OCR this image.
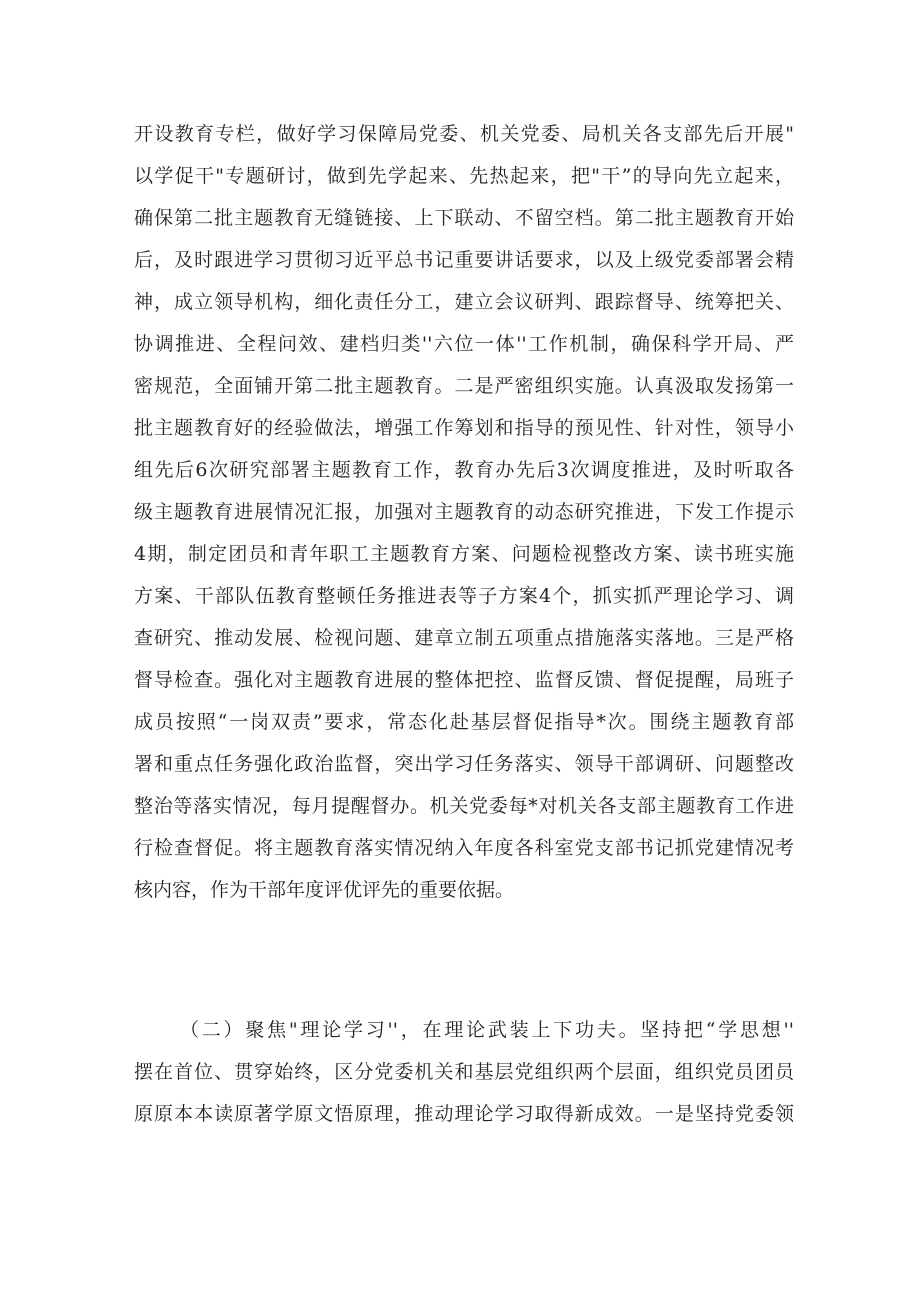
开设教育专栏，做好学习保障局党委、机关党委、局机关各支部先后开展"
以学促干"专题研讨，做到先学起来、先热起来，把"干”的导向先立起来，
确保第二批主题教育无缝链接、上下联动、不留空档。第二批主题教育开始
后，及时跟进学习贯彻习近平总书记重要讲话要求，以及上级党委部署会精
神，成立领导机构，细化责任分工，建立会议研判、跟踪督导、统筹把关、
协调推进、全程问效、建档归类''六位一体''工作机制，确保科学开局、严
密规范，全面铺开第二批主题教育。二是严密组织实施。认真汲取发扬第一
批主题教育好的经验做法，增强工作筹划和指导的预见性、针对性，领导小
组先后6次研究部署主题教育工作，教育办先后3次调度推进，及时听取各
级主题教育进展情况汇报，加强对主题教育的动态研究推进，下发工作提示
4期，制定团员和青年职工主题教育方案、问题检视整改方案、读书班实施
方案、干部队伍教育整顿任务推进表等子方案4个，抓实抓严理论学习、调
查研究、推动发展、检视问题、建章立制五项重点措施落实落地。三是严格
督导检查。强化对主题教育进展的整体把控、监督反馈、督促提醒，局班子
成员按照“一岗双责”要求，常态化赴基层督促指导*次。围绕主题教育部
署和重点任务强化政治监督，突出学习任务落实、领导干部调研、问题整改
整治等落实情况，每月提醒督办。机关党委每*对机关各支部主题教育工作进
行检查督促。将主题教育落实情况纳入年度各科室党支部书记抓党建情况考
核内容，作为干部年度评优评先的重要依据。
（二）聚焦"理论学习''，在理论武装上下功夫。坚持把“学思想''
摆在首位、贯穿始终，区分党委机关和基层党组织两个层面，组织党员团员
原原本本读原著学原文悟原理，推动理论学习取得新成效。一是坚持党委领
